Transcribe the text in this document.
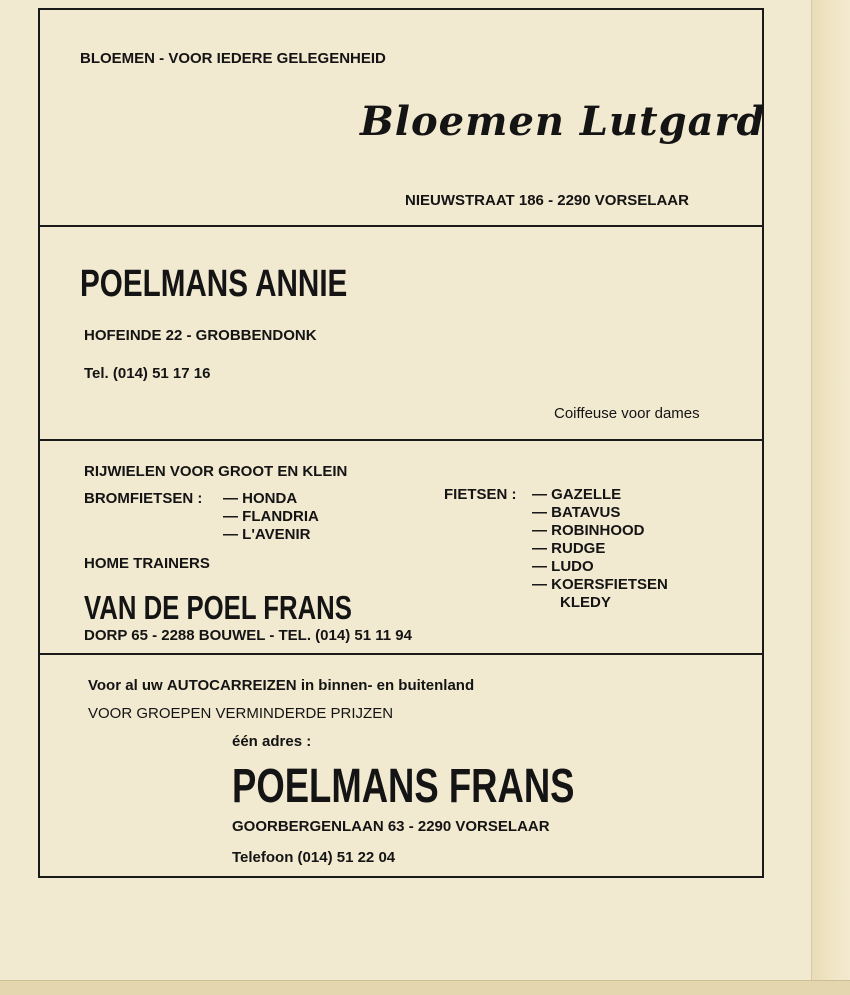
BLOEMEN - VOOR IEDERE GELEGENHEID
Bloemen Lutgard
NIEUWSTRAAT 186 - 2290 VORSELAAR
POELMANS ANNIE
HOFEINDE 22 - GROBBENDONK
Tel. (014) 51 17 16
Coiffeuse voor dames
RIJWIELEN VOOR GROOT EN KLEIN
BROMFIETSEN : — HONDA
— FLANDRIA
— L'AVENIR
FIETSEN : — GAZELLE
— BATAVUS
— ROBINHOOD
— RUDGE
— LUDO
— KOERSFIETSEN
KLEDY
HOME TRAINERS
VAN DE POEL FRANS
DORP 65 - 2288 BOUWEL - TEL. (014) 51 11 94
Voor al uw AUTOCARREIZEN in binnen- en buitenland
VOOR GROEPEN VERMINDERDE PRIJZEN
één adres :
POELMANS FRANS
GOORBERGENLAAN 63 - 2290 VORSELAAR
Telefoon (014) 51 22 04
